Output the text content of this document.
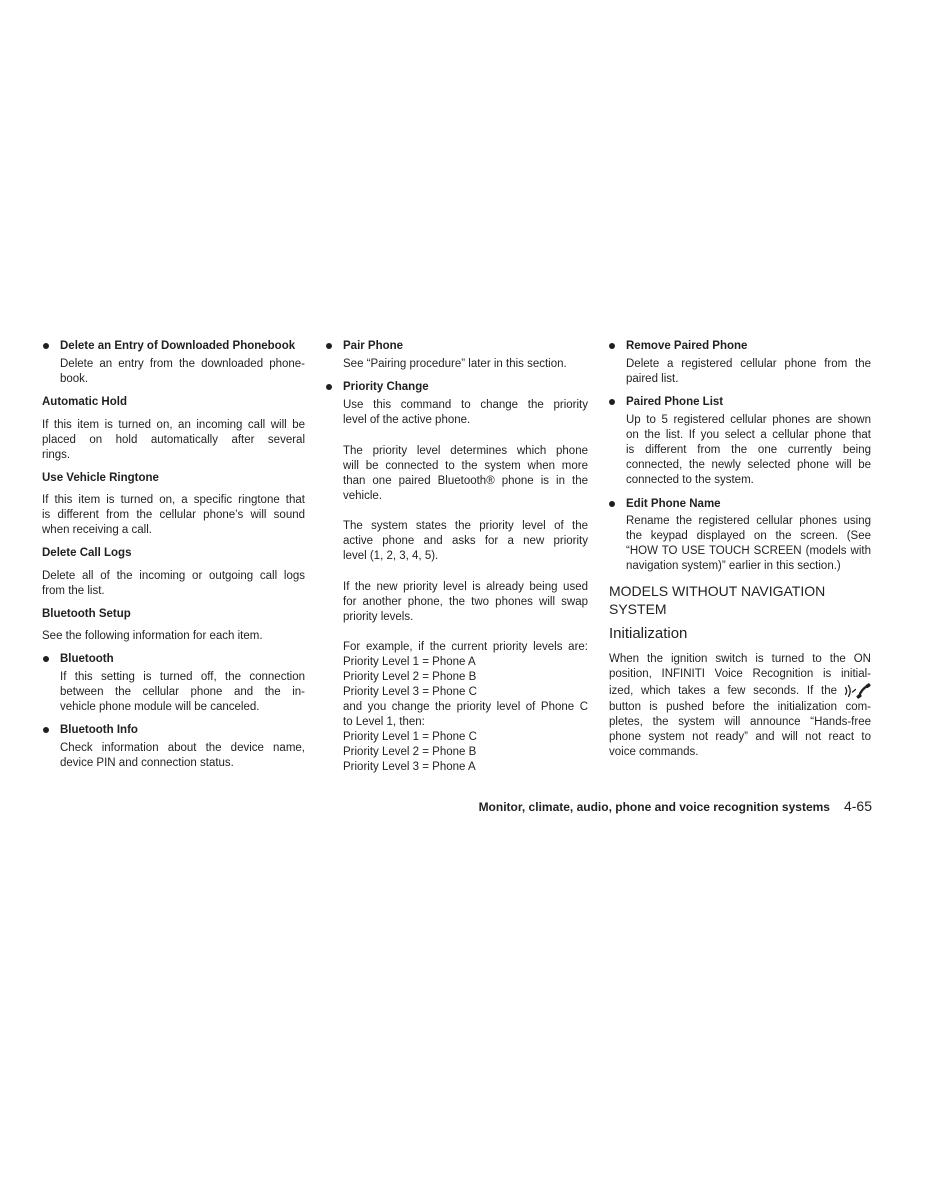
Delete an Entry of Downloaded Phonebook
Delete an entry from the downloaded phone-
book.
Automatic Hold
If this item is turned on, an incoming call will be
placed on hold automatically after several
rings.
Use Vehicle Ringtone
If this item is turned on, a specific ringtone that
is different from the cellular phone’s will sound
when receiving a call.
Delete Call Logs
Delete all of the incoming or outgoing call logs
from the list.
Bluetooth Setup
See the following information for each item.
Bluetooth
If this setting is turned off, the connection
between the cellular phone and the in-
vehicle phone module will be canceled.
Bluetooth Info
Check information about the device name,
device PIN and connection status.
Pair Phone
See “Pairing procedure” later in this section.
Priority Change
Use this command to change the priority
level of the active phone.
The priority level determines which phone
will be connected to the system when more
than one paired Bluetooth® phone is in the
vehicle.
The system states the priority level of the
active phone and asks for a new priority
level (1, 2, 3, 4, 5).
If the new priority level is already being used
for another phone, the two phones will swap
priority levels.
For example, if the current priority levels are:
Priority Level 1 = Phone A
Priority Level 2 = Phone B
Priority Level 3 = Phone C
and you change the priority level of Phone C
to Level 1, then:
Priority Level 1 = Phone C
Priority Level 2 = Phone B
Priority Level 3 = Phone A
Remove Paired Phone
Delete a registered cellular phone from the
paired list.
Paired Phone List
Up to 5 registered cellular phones are shown
on the list. If you select a cellular phone that
is different from the one currently being
connected, the newly selected phone will be
connected to the system.
Edit Phone Name
Rename the registered cellular phones using
the keypad displayed on the screen. (See
“HOW TO USE TOUCH SCREEN (models with
navigation system)” earlier in this section.)
MODELS WITHOUT NAVIGATION
SYSTEM
Initialization
When the ignition switch is turned to the ON
position, INFINITI Voice Recognition is initial-
ized, which takes a few seconds. If the
button is pushed before the initialization com-
pletes, the system will announce “Hands-free
phone system not ready” and will not react to
voice commands.
Monitor, climate, audio, phone and voice recognition systems 4-65
